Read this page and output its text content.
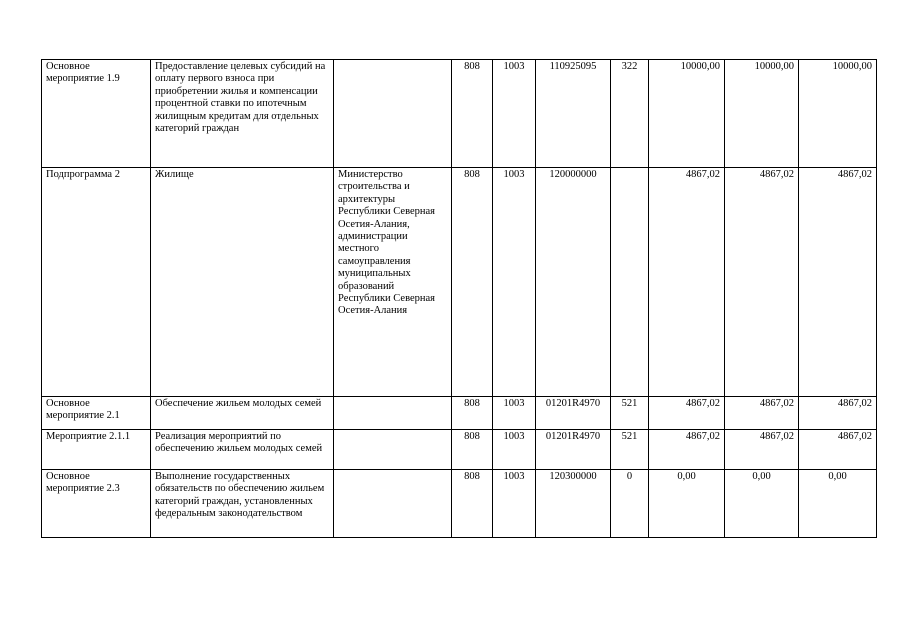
Основное мероприятие 1.9	Предоставление целевых субсидий на оплату первого взноса при приобретении жилья и компенсации процентной ставки по ипотечным жилищным кредитам для отдельных категорий граждан		808	1003	110925095	322	10000,00	10000,00	10000,00
Подпрограмма 2	Жилище	Министерство строительства и архитектуры Республики Северная Осетия-Алания, администрации местного самоуправления муниципальных образований Республики Северная Осетия-Алания	808	1003	120000000		4867,02	4867,02	4867,02
Основное мероприятие 2.1	Обеспечение жильем молодых семей		808	1003	01201R4970	521	4867,02	4867,02	4867,02
Мероприятие 2.1.1	Реализация мероприятий по обеспечению жильем молодых семей		808	1003	01201R4970	521	4867,02	4867,02	4867,02
Основное мероприятие 2.3	Выполнение государственных обязательств по обеспечению жильем категорий граждан, установленных федеральным законодательством		808	1003	120300000	0	0,00	0,00	0,00
